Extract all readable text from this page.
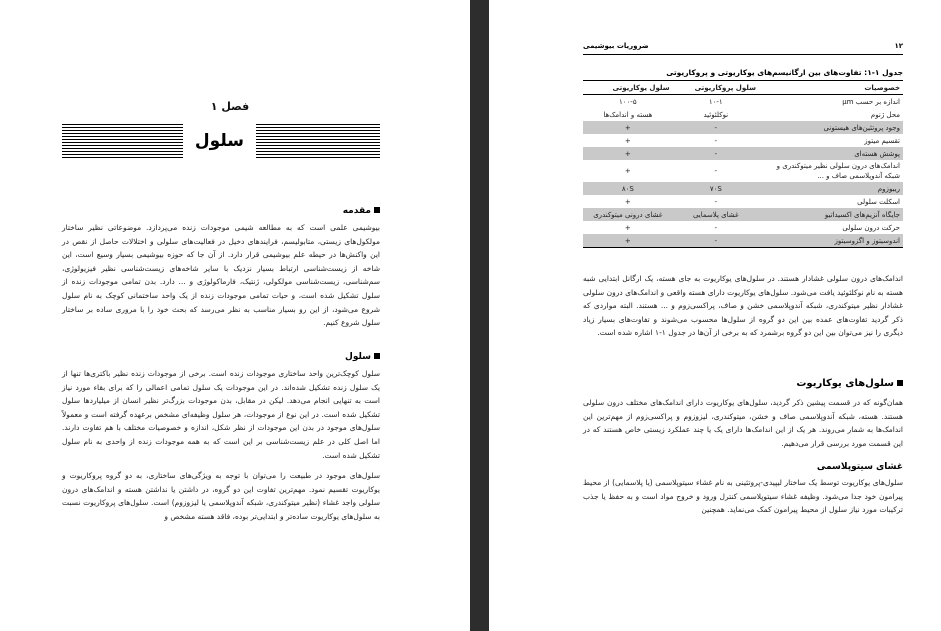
فصل ۱
سلول
مقدمه
بیوشیمی علمی است که به مطالعه شیمی موجودات زنده می‌پردازد. موضوعاتی نظیر ساختار مولکول‌های زیستی، متابولیسم، فرایندهای دخیل در فعالیت‌های سلولی و اختلالات حاصل از نقص در این واکنش‌ها در حیطه علم بیوشیمی قرار دارد. از آن جا که حوزه بیوشیمی بسیار وسیع است، این شاخه از زیست‌شناسی ارتباط بسیار نزدیک با سایر شاخه‌های زیست‌شناسی نظیر فیزیولوژی، سم‌شناسی، زیست‌شناسی مولکولی، ژنتیک، فارماکولوژی و ... دارد. بدن تمامی موجودات زنده از سلول تشکیل شده است، و حیات تمامی موجودات زنده از یک واحد ساختمانی کوچک به نام سلول شروع می‌شود، از این رو بسیار مناسب به نظر می‌رسد که بحث خود را با مروری ساده بر ساختار سلول شروع کنیم.
سلول
سلول کوچک‌ترین واحد ساختاری موجودات زنده است. برخی از موجودات زنده نظیر باکتری‌ها تنها از یک سلول زنده تشکیل شده‌اند. در این موجودات یک سلول تمامی اعمالی را که برای بقاء مورد نیاز است به تنهایی انجام می‌دهد. لیکن در مقابل، بدن موجودات بزرگ‌تر نظیر انسان از میلیاردها سلول تشکیل شده است. در این نوع از موجودات، هر سلول وظیفه‌ای مشخص برعهده گرفته است و معمولاً سلول‌های موجود در بدن این موجودات از نظر شکل، اندازه و خصوصیات مختلف با هم تفاوت دارند. اما اصل کلی در علم زیست‌شناسی بر این است که به همه موجودات زنده از واحدی به نام سلول تشکیل شده است.
سلول‌های موجود در طبیعت را می‌توان با توجه به ویژگی‌های ساختاری، به دو گروه پروکاریوت و یوکاریوت تقسیم نمود. مهم‌ترین تفاوت این دو گروه، در داشتن یا نداشتن هسته و اندامک‌های درون سلولی واجد غشاء (نظیر میتوکندری، شبکه آندوپلاسمی یا لیزوزوم) است. سلول‌های پروکاریوت نسبت به سلول‌های یوکاریوت ساده‌تر و ابتدایی‌تر بوده، فاقد هسته مشخص و
۱۲
ضروریات بیوشیمی
جدول ۱-۱: تفاوت‌های بین ارگانیسم‌های یوکاریوتی و پروکاریوتی
خصوصیات	سلول پروکاریوتی	سلول یوکاریوتی
اندازه بر حسب µm	۱۰-۱	۱۰۰-۵
محل ژنوم	نوکلئوئید	هسته و اندامک‌ها
وجود پروتئین‌های هیستونی	-	+
تقسیم میتوز	-	+
پوشش هسته‌ای	-	+
اندامک‌های درون سلولی نظیر میتوکندری و شبکه آندوپلاسمی صاف و ...	-	+
ریبوزوم	۷۰S	۸۰S
اسکلت سلولی	-	+
جایگاه آنزیم‌های اکسیداتیو	غشای پلاسمایی	غشای درونی میتوکندری
حرکت درون سلولی	-	+
اندوسیتوز و اگزوسیتوز	-	+
اندامک‌های درون سلولی غشادار هستند. در سلول‌های یوکاریوت به جای هسته، یک ارگانل ابتدایی شبه هسته به نام نوکلئوئید یافت می‌شود. سلول‌های یوکاریوت دارای هسته واقعی و اندامک‌های درون سلولی غشادار نظیر میتوکندری، شبکه آندوپلاسمی خشن و صاف، پراکسی‌زوم و ... هستند. البته مواردی که ذکر گردید تفاوت‌های عمده بین این دو گروه از سلول‌ها محسوب می‌شوند و تفاوت‌های بسیار زیاد دیگری را نیز می‌توان بین این دو گروه برشمرد که به برخی از آن‌ها در جدول ۱-۱ اشاره شده است.
سلول‌های یوکاریوت
همان‌گونه که در قسمت پیشین ذکر گردید، سلول‌های یوکاریوت دارای اندامک‌های مختلف درون سلولی هستند. هسته، شبکه آندوپلاسمی صاف و خشن، میتوکندری، لیزوزوم و پراکسی‌زوم از مهم‌ترین این اندامک‌ها به شمار می‌روند. هر یک از این اندامک‌ها دارای یک یا چند عملکرد زیستی خاص هستند که در این قسمت مورد بررسی قرار می‌دهیم.
غشای سیتوپلاسمی
سلول‌های یوکاریوت توسط یک ساختار لیپیدی-پروتئینی به نام غشاء سیتوپلاسمی (یا پلاسمایی) از محیط پیرامون خود جدا می‌شود. وظیفه غشاء سیتوپلاسمی کنترل ورود و خروج مواد است و به حفظ یا جذب ترکیبات مورد نیاز سلول از محیط پیرامون کمک می‌نماید. همچنین
